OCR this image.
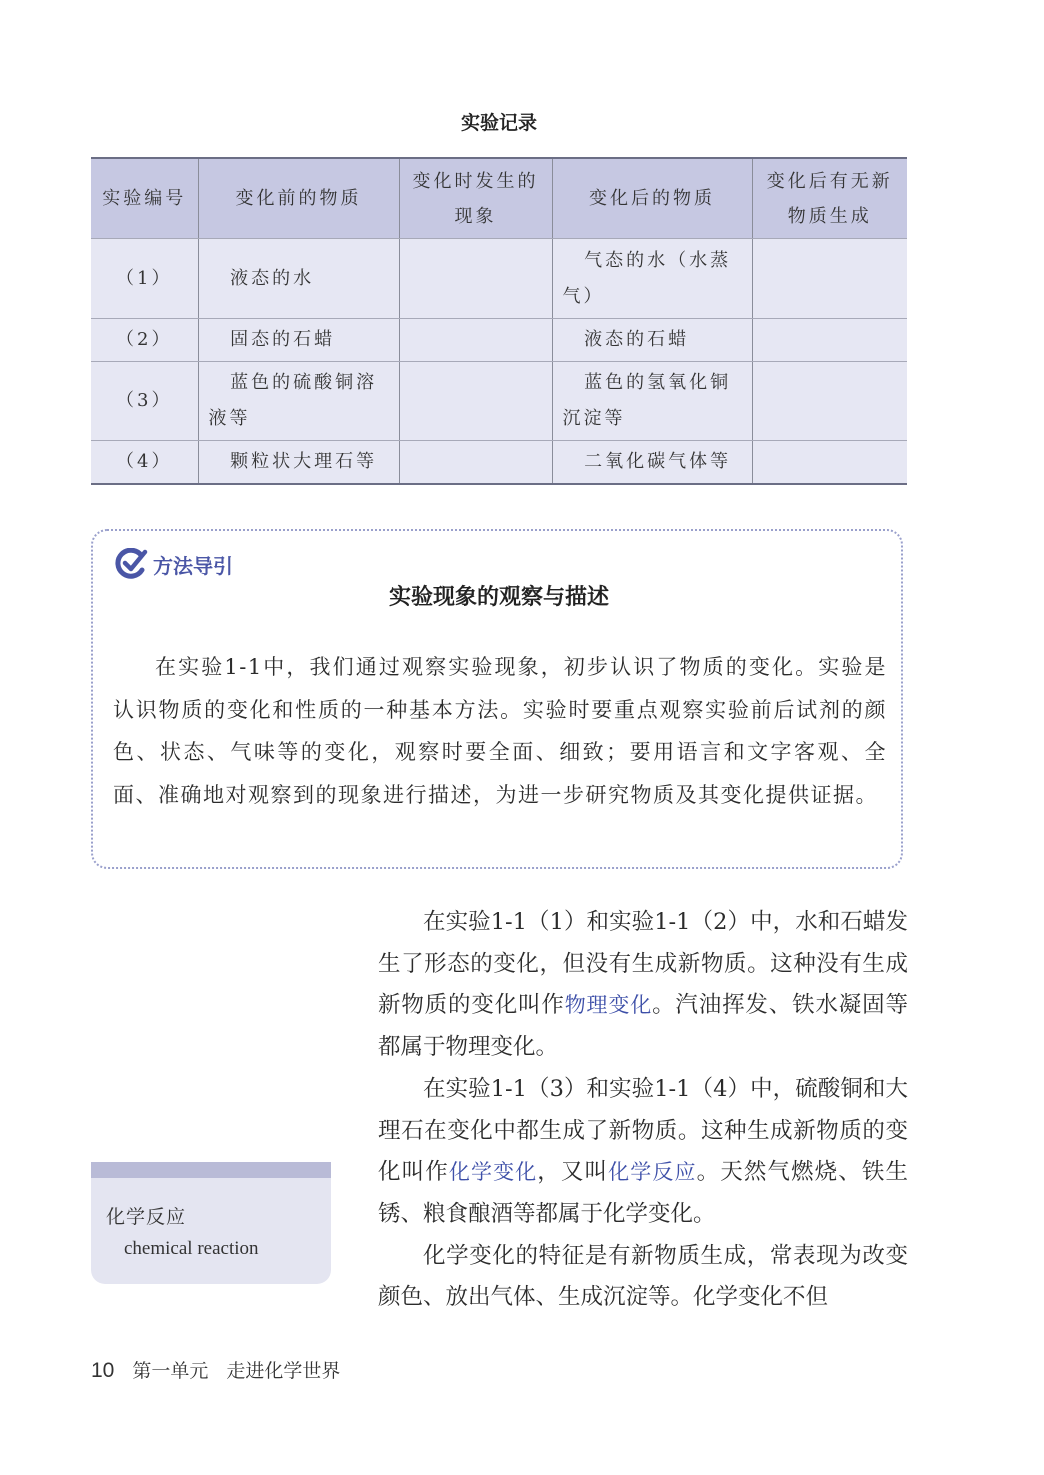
实验记录
实验编号	变化前的物质	变化时发生的现象	变化后的物质	变化后有无新物质生成
（1）	液态的水		气态的水（水蒸气）	
（2）	固态的石蜡		液态的石蜡	
（3）	蓝色的硫酸铜溶液等		蓝色的氢氧化铜沉淀等	
（4）	颗粒状大理石等		二氧化碳气体等	
方法导引
实验现象的观察与描述
在实验1-1中，我们通过观察实验现象，初步认识了物质的变化。实验是认识物质的变化和性质的一种基本方法。实验时要重点观察实验前后试剂的颜色、状态、气味等的变化，观察时要全面、细致；要用语言和文字客观、全面、准确地对观察到的现象进行描述，为进一步研究物质及其变化提供证据。

在实验1-1（1）和实验1-1（2）中，水和石蜡发生了形态的变化，但没有生成新物质。这种没有生成新物质的变化叫作物理变化。汽油挥发、铁水凝固等都属于物理变化。

在实验1-1（3）和实验1-1（4）中，硫酸铜和大理石在变化中都生成了新物质。这种生成新物质的变化叫作化学变化，又叫化学反应。天然气燃烧、铁生锈、粮食酿酒等都属于化学变化。

化学变化的特征是有新物质生成，常表现为改变颜色、放出气体、生成沉淀等。化学变化不但

化学反应
chemical reaction
10 第一单元 走进化学世界
